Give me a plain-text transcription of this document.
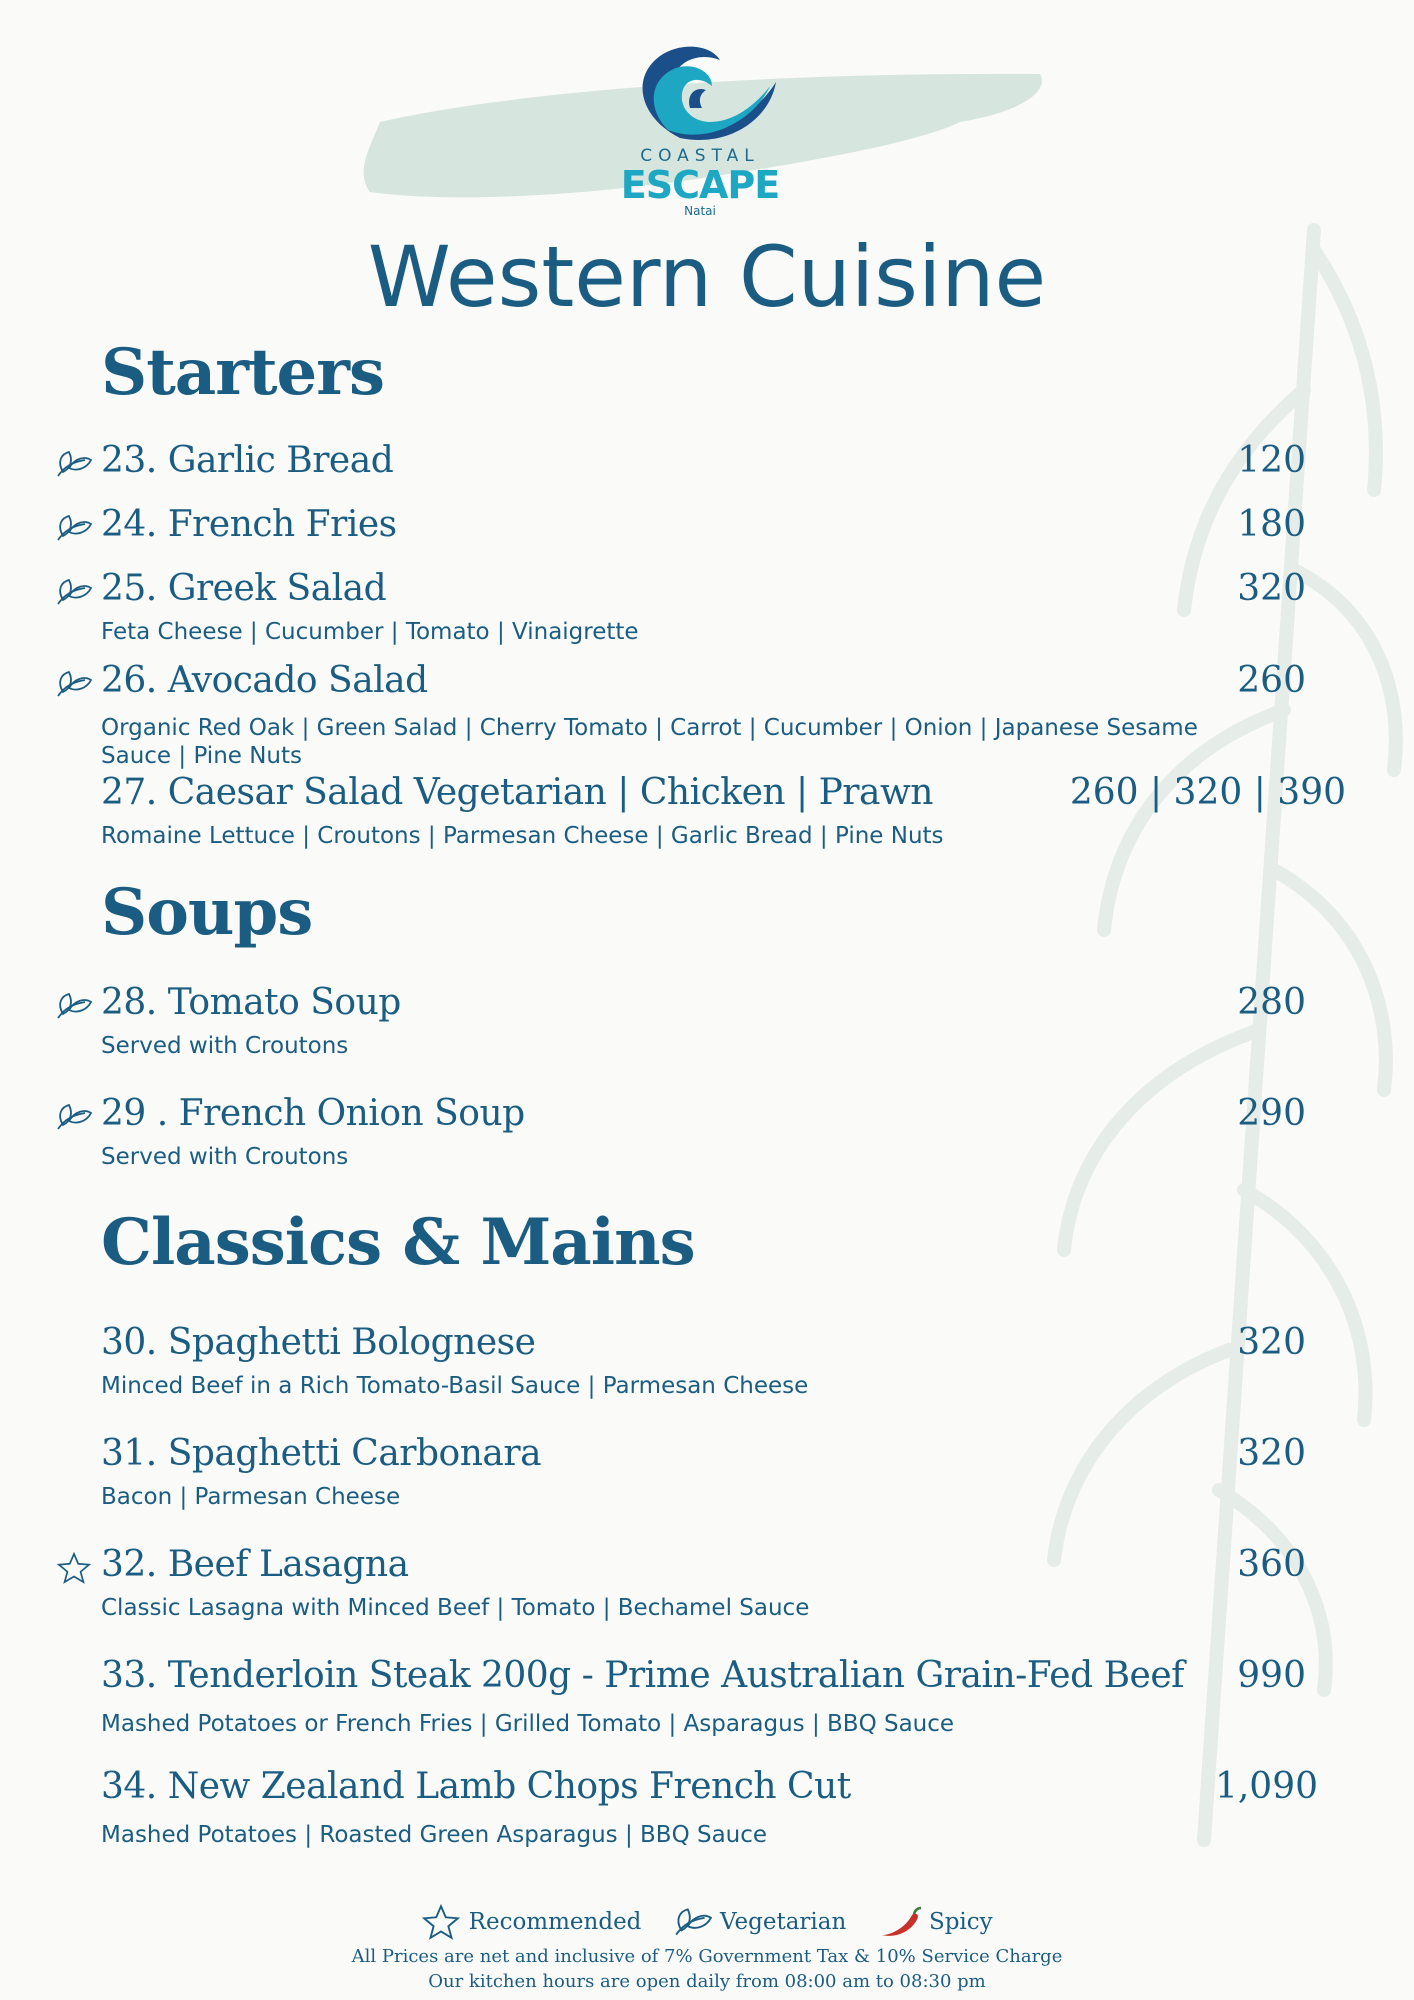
COASTAL
ESCAPE
Natai
Western Cuisine
Starters
23. Garlic Bread	120
24. French Fries	180
25. Greek Salad	320
Feta Cheese | Cucumber | Tomato | Vinaigrette
26. Avocado Salad	260
Organic Red Oak | Green Salad | Cherry Tomato | Carrot | Cucumber | Onion | Japanese Sesame Sauce | Pine Nuts
27. Caesar Salad Vegetarian | Chicken | Prawn	260 | 320 | 390
Romaine Lettuce | Croutons | Parmesan Cheese | Garlic Bread | Pine Nuts
Soups
28. Tomato Soup	280
Served with Croutons
29 . French Onion Soup	290
Served with Croutons
Classics & Mains
30. Spaghetti Bolognese	320
Minced Beef in a Rich Tomato-Basil Sauce | Parmesan Cheese
31. Spaghetti Carbonara	320
Bacon | Parmesan Cheese
32. Beef Lasagna	360
Classic Lasagna with Minced Beef | Tomato | Bechamel Sauce
33. Tenderloin Steak 200g - Prime Australian Grain-Fed Beef 990
Mashed Potatoes or French Fries | Grilled Tomato | Asparagus | BBQ Sauce
34. New Zealand Lamb Chops French Cut	1,090
Mashed Potatoes | Roasted Green Asparagus | BBQ Sauce
Recommended	Vegetarian	Spicy
All Prices are net and inclusive of 7% Government Tax & 10% Service Charge
Our kitchen hours are open daily from 08:00 am to 08:30 pm
